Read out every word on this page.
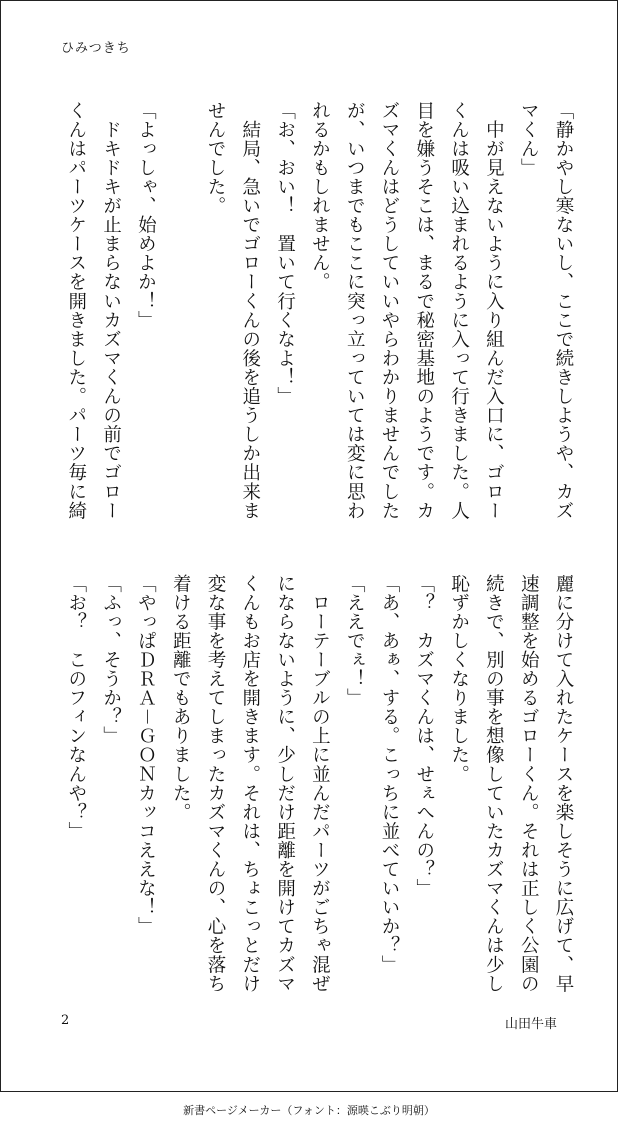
ひみつきち
「静かやし寒ないし、ここで続きしようや、カズ
マくん」
　中が見えないように入り組んだ入口に、ゴロー
くんは吸い込まれるように入って行きました。人
目を嫌うそこは、まるで秘密基地のようです。カ
ズマくんはどうしていいやらわかりませんでした
が、いつまでもここに突っ立っていては変に思わ
れるかもしれません。
「お、おい！　置いて行くなよ！」
　結局、急いでゴローくんの後を追うしか出来ま
せんでした。
「よっしゃ、始めよか！」
　ドキドキが止まらないカズマくんの前でゴロー
くんはパーツケースを開きました。パーツ毎に綺
麗に分けて入れたケースを楽しそうに広げて、早
速調整を始めるゴローくん。それは正しく公園の
続きで、別の事を想像していたカズマくんは少し
恥ずかしくなりました。
「？　カズマくんは、せぇへんの？」
「あ、あぁ、する。こっちに並べていいか？」
「ええでぇ！」
　ローテーブルの上に並んだパーツがごちゃ混ぜ
にならないように、少しだけ距離を開けてカズマ
くんもお店を開きます。それは、ちょこっとだけ
変な事を考えてしまったカズマくんの、心を落ち
着ける距離でもありました。
「やっぱＤＲＡ－ＧＯＮカッコええな！」
「ふっ、そうか？」
「お？　このフィンなんや？」
2	山田牛車
新書ページメーカー（フォント：源暎こぶり明朝）
